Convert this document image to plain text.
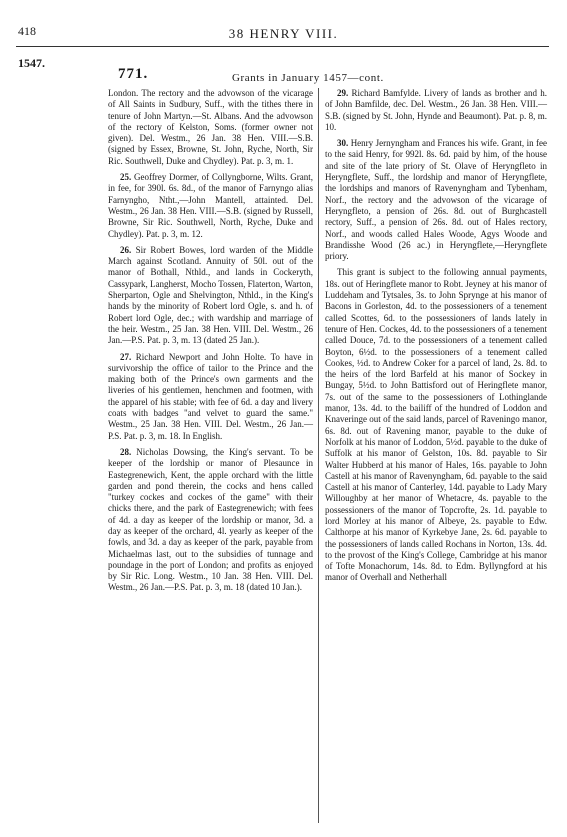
418	38 HENRY VIII.
1547.
771.	Grants in January 1457—cont.
London. The rectory and the advowson of the vicarage of All Saints in Sudbury, Suff., with the tithes there in tenure of John Martyn.—St. Albans. And the advowson of the rectory of Kelston, Soms. (former owner not given). Del. Westm., 26 Jan. 38 Hen. VIII.—S.B. (signed by Essex, Browne, St. John, Ryche, North, Sir Ric. Southwell, Duke and Chydley). Pat. p. 3, m. 1.
25. Geoffrey Dormer, of Collyngborne, Wilts. Grant, in fee, for 390l. 6s. 8d., of the manor of Farnyngo alias Farnyngho, Ntht.,—John Mantell, attainted. Del. Westm., 26 Jan. 38 Hen. VIII.—S.B. (signed by Russell, Browne, Sir Ric. Southwell, North, Ryche, Duke and Chydley). Pat. p. 3, m. 12.
26. Sir Robert Bowes, lord warden of the Middle March against Scotland. Annuity of 50l. out of the manor of Bothall, Nthld., and lands in Cockeryth, Cassypark, Langherst, Mocho Tossen, Flaterton, Warton, Sherparton, Ogle and Shelvington, Nthld., in the King's hands by the minority of Robert lord Ogle, s. and h. of Robert lord Ogle, dec.; with wardship and marriage of the heir. Westm., 25 Jan. 38 Hen. VIII. Del. Westm., 26 Jan.—P.S. Pat. p. 3, m. 13 (dated 25 Jan.).
27. Richard Newport and John Holte. To have in survivorship the office of tailor to the Prince and the making both of the Prince's own garments and the liveries of his gentlemen, henchmen and footmen, with the apparel of his stable; with fee of 6d. a day and livery coats with badges "and velvet to guard the same." Westm., 25 Jan. 38 Hen. VIII. Del. Westm., 26 Jan.—P.S. Pat. p. 3, m. 18. In English.
28. Nicholas Dowsing, the King's servant. To be keeper of the lordship or manor of Plesaunce in Eastegrenewich, Kent, the apple orchard with the little garden and pond therein, the cocks and hens called "turkey cockes and cockes of the game" with their chicks there, and the park of Eastegrenewich; with fees of 4d. a day as keeper of the lordship or manor, 3d. a day as keeper of the orchard, 4l. yearly as keeper of the fowls, and 3d. a day as keeper of the park, payable from Michaelmas last, out to the subsidies of tunnage and poundage in the port of London; and profits as enjoyed by Sir Ric. Long. Westm., 10 Jan. 38 Hen. VIII. Del. Westm., 26 Jan.—P.S. Pat. p. 3, m. 18 (dated 10 Jan.).
29. Richard Bamfylde. Livery of lands as brother and h. of John Bamfilde, dec. Del. Westm., 26 Jan. 38 Hen. VIII.—S.B. (signed by St. John, Hynde and Beaumont). Pat. p. 8, m. 10.
30. Henry Jernyngham and Frances his wife. Grant, in fee to the said Henry, for 992l. 8s. 6d. paid by him, of the house and site of the late priory of St. Olave of Heryngfleto in Heryngflete, Suff., the lordship and manor of Heryngflete, the lordships and manors of Ravenyngham and Tybenham, Norf., the rectory and the advowson of the vicarage of Heryngfleto, a pension of 26s. 8d. out of Burghcastell rectory, Suff., a pension of 26s. 8d. out of Hales rectory, Norf., and woods called Hales Woode, Agys Woode and Brandisshe Wood (26 ac.) in Heryngflete,—Heryngflete priory.
This grant is subject to the following annual payments, 18s. out of Heringflete manor to Robt. Jeyney at his manor of Luddeham and Tytsales, 3s. to John Sprynge at his manor of Bacons in Gorleston, 4d. to the possessioners of a tenement called Scottes, 6d. to the possessioners of lands lately in tenure of Hen. Cockes, 4d. to the possessioners of a tenement called Douce, 7d. to the possessioners of a tenement called Boyton, 6½d. to the possessioners of a tenement called Cookes, ½d. to Andrew Coker for a parcel of land, 2s. 8d. to the heirs of the lord Barfeld at his manor of Sockey in Bungay, 5½d. to John Battisford out of Heringflete manor, 7s. out of the same to the possessioners of Lothinglande manor, 13s. 4d. to the bailiff of the hundred of Loddon and Knaveringe out of the said lands, parcel of Raveningo manor, 6s. 8d. out of Ravening manor, payable to the duke of Norfolk at his manor of Loddon, 5½d. payable to the duke of Suffolk at his manor of Gelston, 10s. 8d. payable to Sir Walter Hubberd at his manor of Hales, 16s. payable to John Castell at his manor of Ravenyngham, 6d. payable to the said Castell at his manor of Canterley, 14d. payable to Lady Mary Willoughby at her manor of Whetacre, 4s. payable to the possessioners of the manor of Topcrofte, 2s. 1d. payable to lord Morley at his manor of Albeye, 2s. payable to Edw. Calthorpe at his manor of Kyrkebye Jane, 2s. 6d. payable to the possessioners of lands called Rochans in Norton, 13s. 4d. to the provost of the King's College, Cambridge at his manor of Tofte Monachorum, 14s. 8d. to Edm. Byllyngford at his manor of Overhall and Netherhall
